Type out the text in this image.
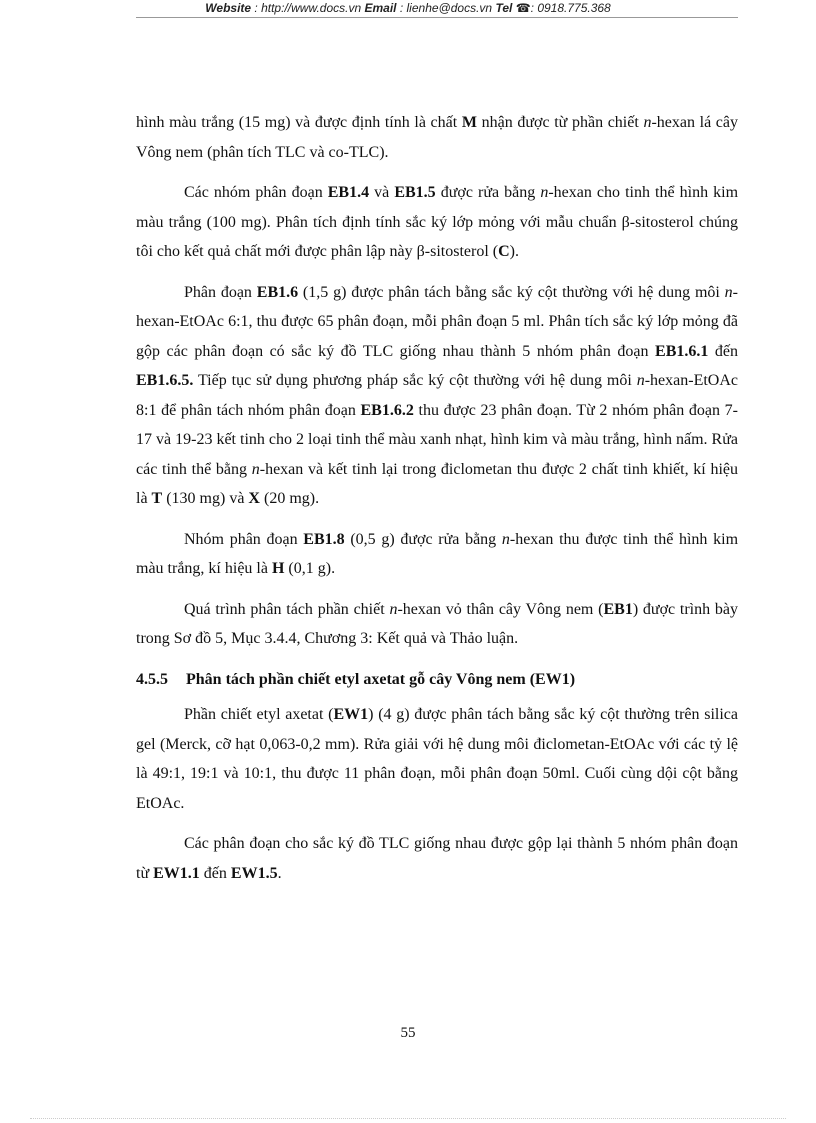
Website : http://www.docs.vn Email : lienhe@docs.vn Tel ☎: 0918.775.368

hình màu trắng (15 mg) và được định tính là chất M nhận được từ phần chiết n-hexan lá cây Vông nem (phân tích TLC và co-TLC).

Các nhóm phân đoạn EB1.4 và EB1.5 được rửa bằng n-hexan cho tinh thể hình kim màu trắng (100 mg). Phân tích định tính sắc ký lớp mỏng với mẫu chuẩn β-sitosterol chúng tôi cho kết quả chất mới được phân lập này β-sitosterol (C).

Phân đoạn EB1.6 (1,5 g) được phân tách bằng sắc ký cột thường với hệ dung môi n-hexan-EtOAc 6:1, thu được 65 phân đoạn, mỗi phân đoạn 5 ml. Phân tích sắc ký lớp mỏng đã gộp các phân đoạn có sắc ký đồ TLC giống nhau thành 5 nhóm phân đoạn EB1.6.1 đến EB1.6.5. Tiếp tục sử dụng phương pháp sắc ký cột thường với hệ dung môi n-hexan-EtOAc 8:1 để phân tách nhóm phân đoạn EB1.6.2 thu được 23 phân đoạn. Từ 2 nhóm phân đoạn 7-17 và 19-23 kết tinh cho 2 loại tinh thể màu xanh nhạt, hình kim và màu trắng, hình nấm. Rửa các tinh thể bằng n-hexan và kết tinh lại trong điclometan thu được 2 chất tinh khiết, kí hiệu là T (130 mg) và X (20 mg).

Nhóm phân đoạn EB1.8 (0,5 g) được rửa bằng n-hexan thu được tinh thể hình kim màu trắng, kí hiệu là H (0,1 g).

Quá trình phân tách phần chiết n-hexan vỏ thân cây Vông nem (EB1) được trình bày trong Sơ đồ 5, Mục 3.4.4, Chương 3: Kết quả và Thảo luận.

4.5.5 Phân tách phần chiết etyl axetat gỗ cây Vông nem (EW1)

Phần chiết etyl axetat (EW1) (4 g) được phân tách bằng sắc ký cột thường trên silica gel (Merck, cỡ hạt 0,063-0,2 mm). Rửa giải với hệ dung môi điclometan-EtOAc với các tỷ lệ là 49:1, 19:1 và 10:1, thu được 11 phân đoạn, mỗi phân đoạn 50ml. Cuối cùng dội cột bằng EtOAc.

Các phân đoạn cho sắc ký đồ TLC giống nhau được gộp lại thành 5 nhóm phân đoạn từ EW1.1 đến EW1.5.

55
